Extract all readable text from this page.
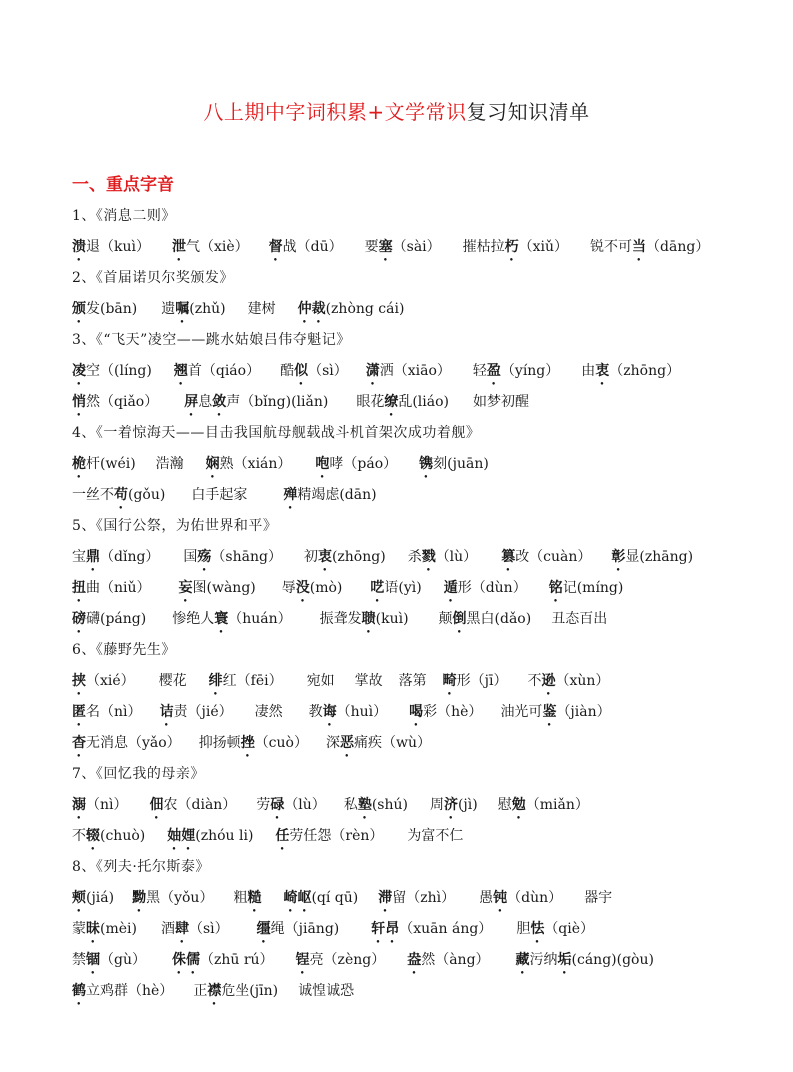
八上期中字词积累+文学常识复习知识清单
一、重点字音
1、《消息二则》
溃退（kuì） 泄气（xiè） 督战（dū） 要塞（sài） 摧枯拉朽（xiǔ） 锐不可当（dāng）
2、《首届诺贝尔奖颁发》
颁发(bān) 遗嘱(zhǔ) 建树 仲裁(zhòng cái)
3、《“飞天”凌空——跳水姑娘吕伟夺魁记》
凌空（(líng) 翘首（qiáo） 酷似（sì） 潇洒（xiāo） 轻盈（yíng） 由衷（zhōng）
悄然（qiǎo） 屏息敛声（bǐng)(liǎn) 眼花缭乱(liáo) 如梦初醒
4、《一着惊海天——目击我国航母舰载战斗机首架次成功着舰》
桅杆(wéi) 浩瀚 娴熟（xián） 咆哮（páo） 镌刻(juān)
一丝不苟(gǒu) 白手起家	殚精竭虑(dān)
5、《国行公祭，为佑世界和平》
宝鼎（dǐng） 国殇（shāng） 初衷(zhōng) 杀戮（lù） 篡改（cuàn） 彰显(zhāng)
扭曲（niǔ） 妄图(wàng) 辱没(mò) 呓语(yì) 遁形（dùn） 铭记(míng)
磅礴(páng) 惨绝人寰（huán） 振聋发聩(kuì) 颠倒黑白(dǎo) 丑态百出
6、《藤野先生》
挟（xié） 樱花 绯红（fēi） 宛如 掌故 落第 畸形（jī） 不逊（xùn）
匿名（nì） 诘责（jié） 凄然 教诲（huì） 喝彩（hè） 油光可鉴（jiàn）
杳无消息（yǎo） 抑扬顿挫（cuò） 深恶痛疾（wù）
7、《回忆我的母亲》
溺（nì） 佃农（diàn） 劳碌（lù） 私塾(shú) 周济(jì) 慰勉（miǎn）
不辍(chuò) 妯娌(zhóu li) 任劳任怨（rèn） 为富不仁
8、《列夫·托尔斯泰》
颊(jiá) 黝黑（yǒu） 粗糙 崎岖(qí qū) 滞留（zhì） 愚钝（dùn） 器宇
蒙昧(mèi) 酒肆（sì） 缰绳（jiāng) 轩昂（xuān áng） 胆怯（qiè）
禁锢（gù） 侏儒（zhū rú） 锃亮（zèng） 盎然（àng） 藏污纳垢(cáng)(gòu)
鹤立鸡群（hè） 正襟危坐(jīn) 诚惶诚恐
